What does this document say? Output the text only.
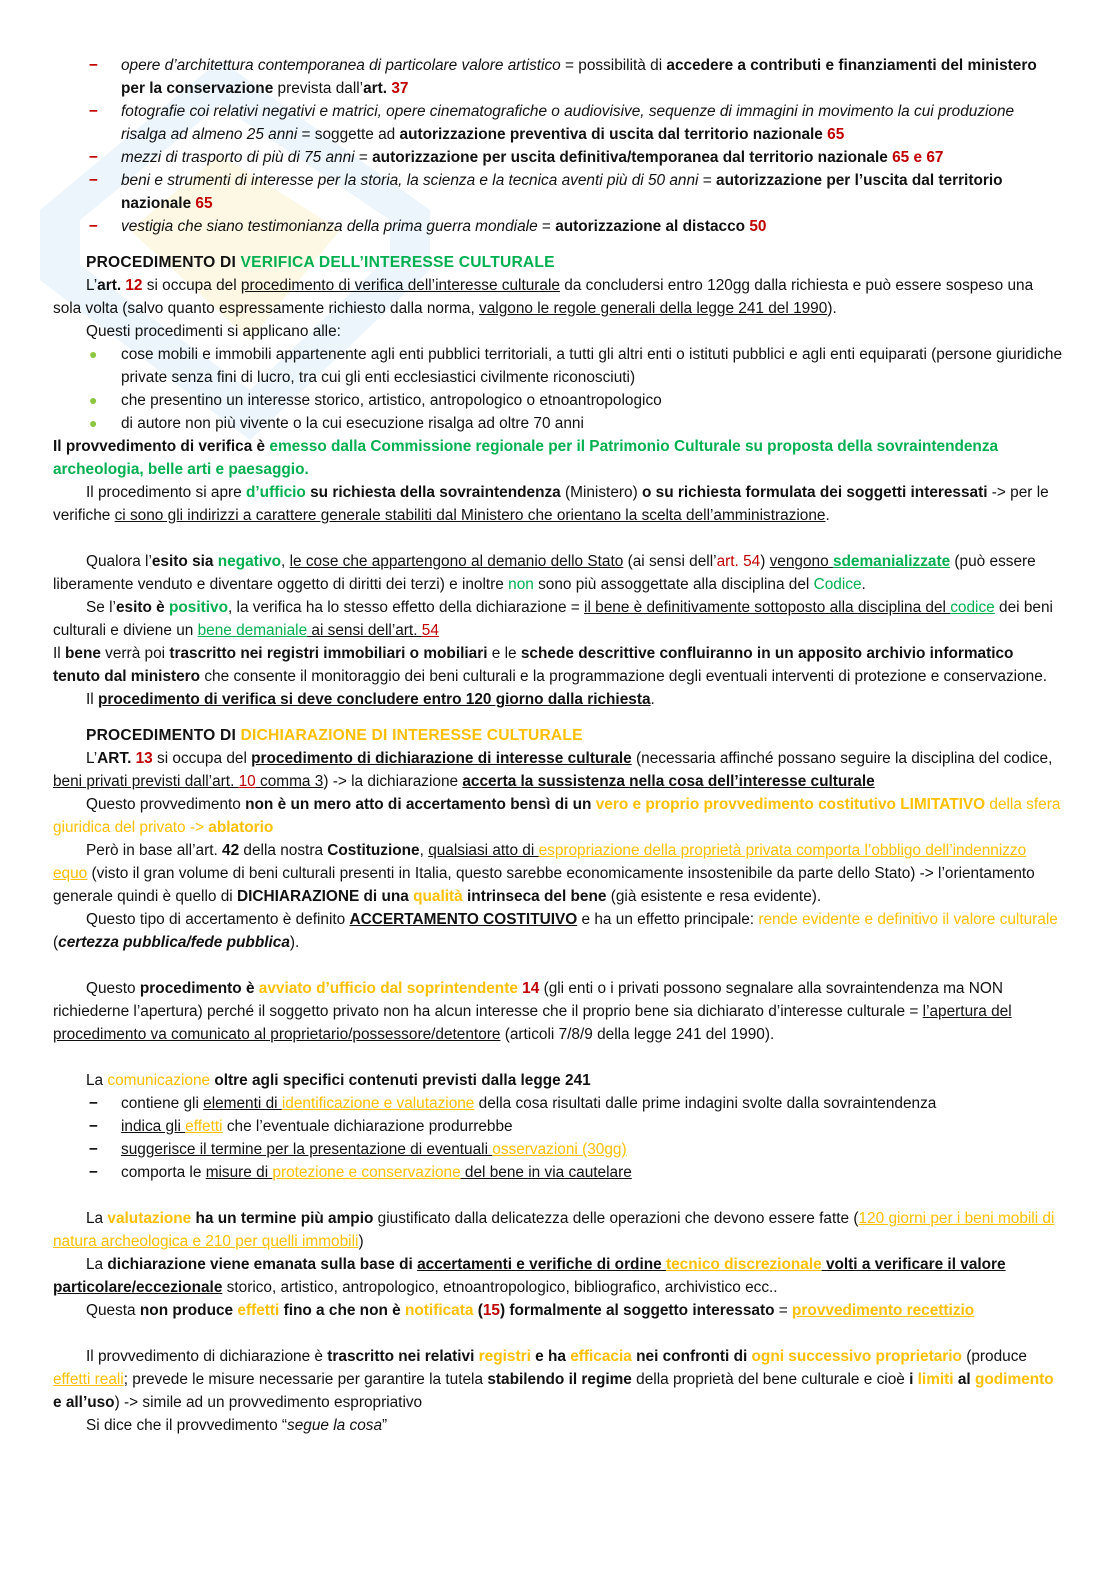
− opere d’architettura contemporanea di particolare valore artistico = possibilità di accedere a contributi e finanziamenti del ministero per la conservazione prevista dall’art. 37
− fotografie coi relativi negativi e matrici, opere cinematografiche o audiovisive, sequenze di immagini in movimento la cui produzione risalga ad almeno 25 anni = soggette ad autorizzazione preventiva di uscita dal territorio nazionale 65
− mezzi di trasporto di più di 75 anni = autorizzazione per uscita definitiva/temporanea dal territorio nazionale 65 e 67
− beni e strumenti di interesse per la storia, la scienza e la tecnica aventi più di 50 anni = autorizzazione per l’uscita dal territorio nazionale 65
− vestigia che siano testimonianza della prima guerra mondiale = autorizzazione al distacco 50

PROCEDIMENTO DI VERIFICA DELL’INTERESSE CULTURALE

L’art. 12 si occupa del procedimento di verifica dell’interesse culturale da concludersi entro 120gg dalla richiesta e può essere sospeso una sola volta (salvo quanto espressamente richiesto dalla norma, valgono le regole generali della legge 241 del 1990).

Questi procedimenti si applicano alle:

● cose mobili e immobili appartenente agli enti pubblici territoriali, a tutti gli altri enti o istituti pubblici e agli enti equiparati (persone giuridiche private senza fini di lucro, tra cui gli enti ecclesiastici civilmente riconosciuti)
● che presentino un interesse storico, artistico, antropologico o etnoantropologico
● di autore non più vivente o la cui esecuzione risalga ad oltre 70 anni

Il provvedimento di verifica è emesso dalla Commissione regionale per il Patrimonio Culturale su proposta della sovraintendenza archeologia, belle arti e paesaggio.

Il procedimento si apre d’ufficio su richiesta della sovraintendenza (Ministero) o su richiesta formulata dei soggetti interessati -> per le verifiche ci sono gli indirizzi a carattere generale stabiliti dal Ministero che orientano la scelta dell’amministrazione.

Qualora l’esito sia negativo, le cose che appartengono al demanio dello Stato (ai sensi dell’art. 54) vengono sdemanializzate (può essere liberamente venduto e diventare oggetto di diritti dei terzi) e inoltre non sono più assoggettate alla disciplina del Codice.

Se l’esito è positivo, la verifica ha lo stesso effetto della dichiarazione = il bene è definitivamente sottoposto alla disciplina del codice dei beni culturali e diviene un bene demaniale ai sensi dell’art. 54

Il bene verrà poi trascritto nei registri immobiliari o mobiliari e le schede descrittive confluiranno in un apposito archivio informatico tenuto dal ministero che consente il monitoraggio dei beni culturali e la programmazione degli eventuali interventi di protezione e conservazione.

Il procedimento di verifica si deve concludere entro 120 giorno dalla richiesta.

PROCEDIMENTO DI DICHIARAZIONE DI INTERESSE CULTURALE

L’ART. 13 si occupa del procedimento di dichiarazione di interesse culturale (necessaria affinché possano seguire la disciplina del codice, beni privati previsti dall’art. 10 comma 3) -> la dichiarazione accerta la sussistenza nella cosa dell’interesse culturale

Questo provvedimento non è un mero atto di accertamento bensì di un vero e proprio provvedimento costitutivo LIMITATIVO della sfera giuridica del privato -> ablatorio

Però in base all’art. 42 della nostra Costituzione, qualsiasi atto di espropriazione della proprietà privata comporta l’obbligo dell’indennizzo equo (visto il gran volume di beni culturali presenti in Italia, questo sarebbe economicamente insostenibile da parte dello Stato) -> l’orientamento generale quindi è quello di DICHIARAZIONE di una qualità intrinseca del bene (già esistente e resa evidente).

Questo tipo di accertamento è definito ACCERTAMENTO COSTITUIVO e ha un effetto principale: rende evidente e definitivo il valore culturale (certezza pubblica/fede pubblica).

Questo procedimento è avviato d’ufficio dal soprintendente 14 (gli enti o i privati possono segnalare alla sovraintendenza ma NON richiederne l’apertura) perché il soggetto privato non ha alcun interesse che il proprio bene sia dichiarato d’interesse culturale = l’apertura del procedimento va comunicato al proprietario/possessore/detentore (articoli 7/8/9 della legge 241 del 1990).

La comunicazione oltre agli specifici contenuti previsti dalla legge 241

− contiene gli elementi di identificazione e valutazione della cosa risultati dalle prime indagini svolte dalla sovraintendenza
− indica gli effetti che l’eventuale dichiarazione produrrebbe
− suggerisce il termine per la presentazione di eventuali osservazioni (30gg)
− comporta le misure di protezione e conservazione del bene in via cautelare

La valutazione ha un termine più ampio giustificato dalla delicatezza delle operazioni che devono essere fatte (120 giorni per i beni mobili di natura archeologica e 210 per quelli immobili)

La dichiarazione viene emanata sulla base di accertamenti e verifiche di ordine tecnico discrezionale volti a verificare il valore particolare/eccezionale storico, artistico, antropologico, etnoantropologico, bibliografico, archivistico ecc..

Questa non produce effetti fino a che non è notificata (15) formalmente al soggetto interessato = provvedimento recettizio

Il provvedimento di dichiarazione è trascritto nei relativi registri e ha efficacia nei confronti di ogni successivo proprietario (produce effetti reali; prevede le misure necessarie per garantire la tutela stabilendo il regime della proprietà del bene culturale e cioè i limiti al godimento e all’uso) -> simile ad un provvedimento espropriativo

Si dice che il provvedimento “segue la cosa”
